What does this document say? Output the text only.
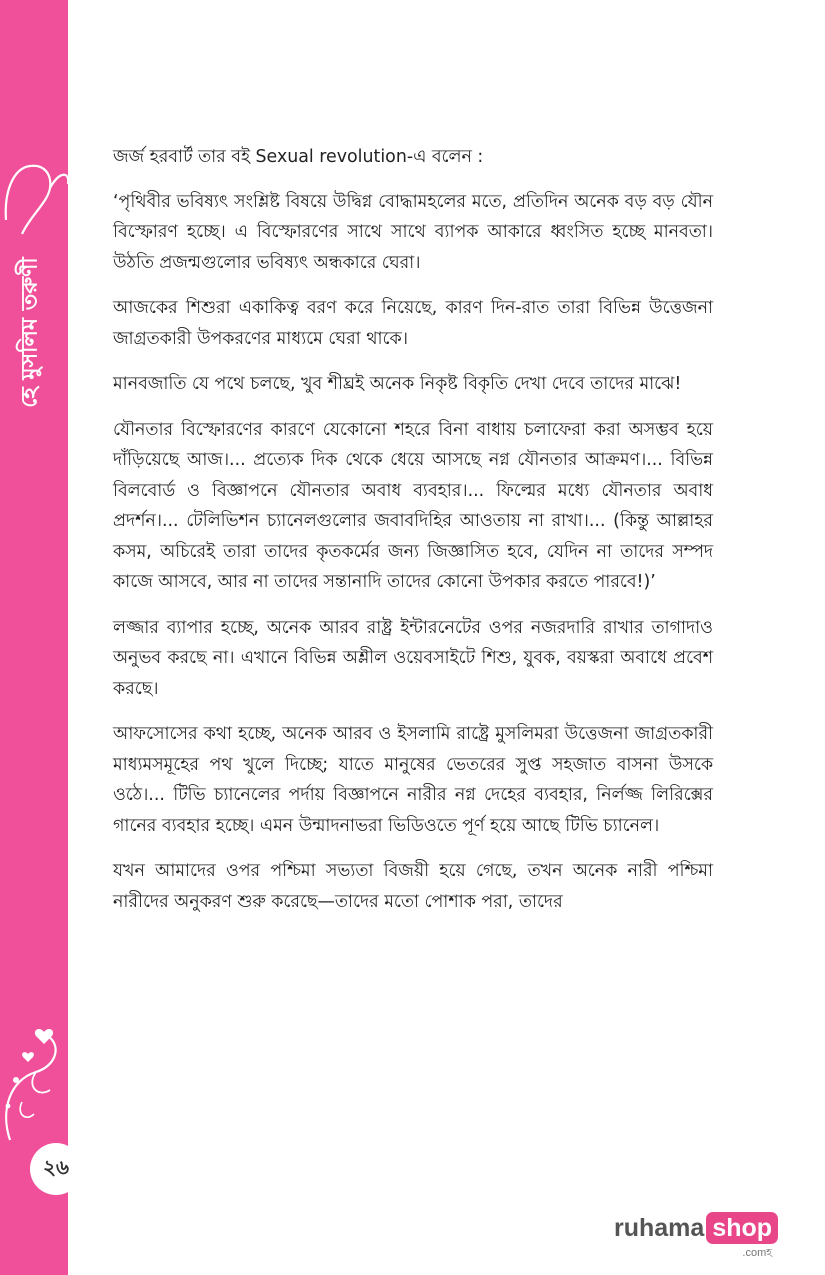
হে মুসলিম তরুণী
২৬

জর্জ হরবার্ট তার বই Sexual revolution-এ বলেন :

‘পৃথিবীর ভবিষ্যৎ সংশ্লিষ্ট বিষয়ে উদ্বিগ্ন বোদ্ধামহলের মতে, প্রতিদিন অনেক বড় বড় যৌন বিস্ফোরণ হচ্ছে। এ বিস্ফোরণের সাথে সাথে ব্যাপক আকারে ধ্বংসিত হচ্ছে মানবতা। উঠতি প্রজন্মগুলোর ভবিষ্যৎ অন্ধকারে ঘেরা।

আজকের শিশুরা একাকিত্ব বরণ করে নিয়েছে, কারণ দিন-রাত তারা বিভিন্ন উত্তেজনা জাগ্রতকারী উপকরণের মাধ্যমে ঘেরা থাকে।

মানবজাতি যে পথে চলছে, খুব শীঘ্রই অনেক নিকৃষ্ট বিকৃতি দেখা দেবে তাদের মাঝে!

যৌনতার বিস্ফোরণের কারণে যেকোনো শহরে বিনা বাধায় চলাফেরা করা অসম্ভব হয়ে দাঁড়িয়েছে আজ।... প্রত্যেক দিক থেকে ধেয়ে আসছে নগ্ন যৌনতার আক্রমণ।... বিভিন্ন বিলবোর্ড ও বিজ্ঞাপনে যৌনতার অবাধ ব্যবহার।... ফিল্মের মধ্যে যৌনতার অবাধ প্রদর্শন।... টেলিভিশন চ্যানেলগুলোর জবাবদিহির আওতায় না রাখা।... (কিন্তু আল্লাহর কসম, অচিরেই তারা তাদের কৃতকর্মের জন্য জিজ্ঞাসিত হবে, যেদিন না তাদের সম্পদ কাজে আসবে, আর না তাদের সন্তানাদি তাদের কোনো উপকার করতে পারবে!)’

লজ্জার ব্যাপার হচ্ছে, অনেক আরব রাষ্ট্র ইন্টারনেটের ওপর নজরদারি রাখার তাগাদাও অনুভব করছে না। এখানে বিভিন্ন অশ্লীল ওয়েবসাইটে শিশু, যুবক, বয়স্করা অবাধে প্রবেশ করছে।

আফসোসের কথা হচ্ছে, অনেক আরব ও ইসলামি রাষ্ট্রে মুসলিমরা উত্তেজনা জাগ্রতকারী মাধ্যমসমূহের পথ খুলে দিচ্ছে; যাতে মানুষের ভেতরের সুপ্ত সহজাত বাসনা উসকে ওঠে।... টিভি চ্যানেলের পর্দায় বিজ্ঞাপনে নারীর নগ্ন দেহের ব্যবহার, নির্লজ্জ লিরিক্সের গানের ব্যবহার হচ্ছে। এমন উন্মাদনাভরা ভিডিওতে পূর্ণ হয়ে আছে টিভি চ্যানেল।

যখন আমাদের ওপর পশ্চিমা সভ্যতা বিজয়ী হয়ে গেছে, তখন অনেক নারী পশ্চিমা নারীদের অনুকরণ শুরু করেছে—তাদের মতো পোশাক পরা, তাদের

ruhama shop
.comহ
